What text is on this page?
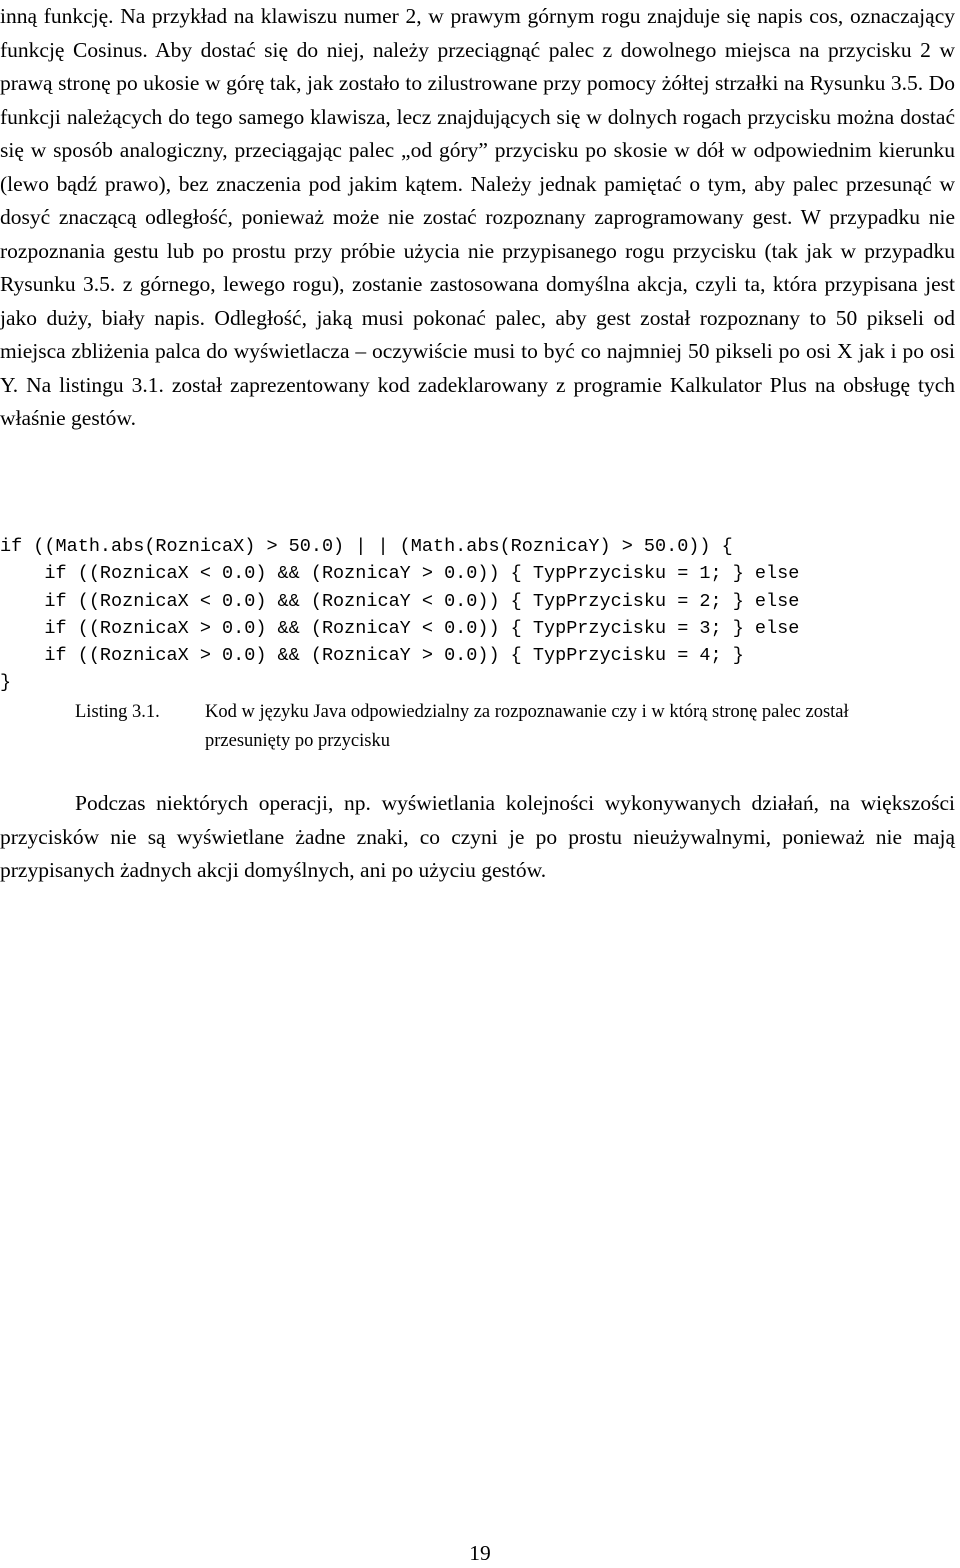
inną funkcję. Na przykład na klawiszu numer 2, w prawym górnym rogu znajduje się napis cos, oznaczający funkcję Cosinus. Aby dostać się do niej, należy przeciągnąć palec z dowolnego miejsca na przycisku 2 w prawą stronę po ukosie w górę tak, jak zostało to zilustrowane przy pomocy żółtej strzałki na Rysunku 3.5. Do funkcji należących do tego samego klawisza, lecz znajdujących się w dolnych rogach przycisku można dostać się w sposób analogiczny, przeciągając palec „od góry” przycisku po skosie w dół w odpowiednim kierunku (lewo bądź prawo), bez znaczenia pod jakim kątem. Należy jednak pamiętać o tym, aby palec przesunąć w dosyć znaczącą odległość, ponieważ może nie zostać rozpoznany zaprogramowany gest. W przypadku nie rozpoznania gestu lub po prostu przy próbie użycia nie przypisanego rogu przycisku (tak jak w przypadku Rysunku 3.5. z górnego, lewego rogu), zostanie zastosowana domyślna akcja, czyli ta, która przypisana jest jako duży, biały napis. Odległość, jaką musi pokonać palec, aby gest został rozpoznany to 50 pikseli od miejsca zbliżenia palca do wyświetlacza – oczywiście musi to być co najmniej 50 pikseli po osi X jak i po osi Y. Na listingu 3.1. został zaprezentowany kod zadeklarowany z programie Kalkulator Plus na obsługę tych właśnie gestów.

if ((Math.abs(RoznicaX) > 50.0) | | (Math.abs(RoznicaY) > 50.0)) {
if ((RoznicaX < 0.0) && (RoznicaY > 0.0)) { TypPrzycisku = 1; } else
if ((RoznicaX < 0.0) && (RoznicaY < 0.0)) { TypPrzycisku = 2; } else
if ((RoznicaX > 0.0) && (RoznicaY < 0.0)) { TypPrzycisku = 3; } else
if ((RoznicaX > 0.0) && (RoznicaY > 0.0)) { TypPrzycisku = 4; }
}
Listing 3.1.	Kod w języku Java odpowiedzialny za rozpoznawanie czy i w którą stronę palec został przesunięty po przycisku

Podczas niektórych operacji, np. wyświetlania kolejności wykonywanych działań, na większości przycisków nie są wyświetlane żadne znaki, co czyni je po prostu nieużywalnymi, ponieważ nie mają przypisanych żadnych akcji domyślnych, ani po użyciu gestów.

19
